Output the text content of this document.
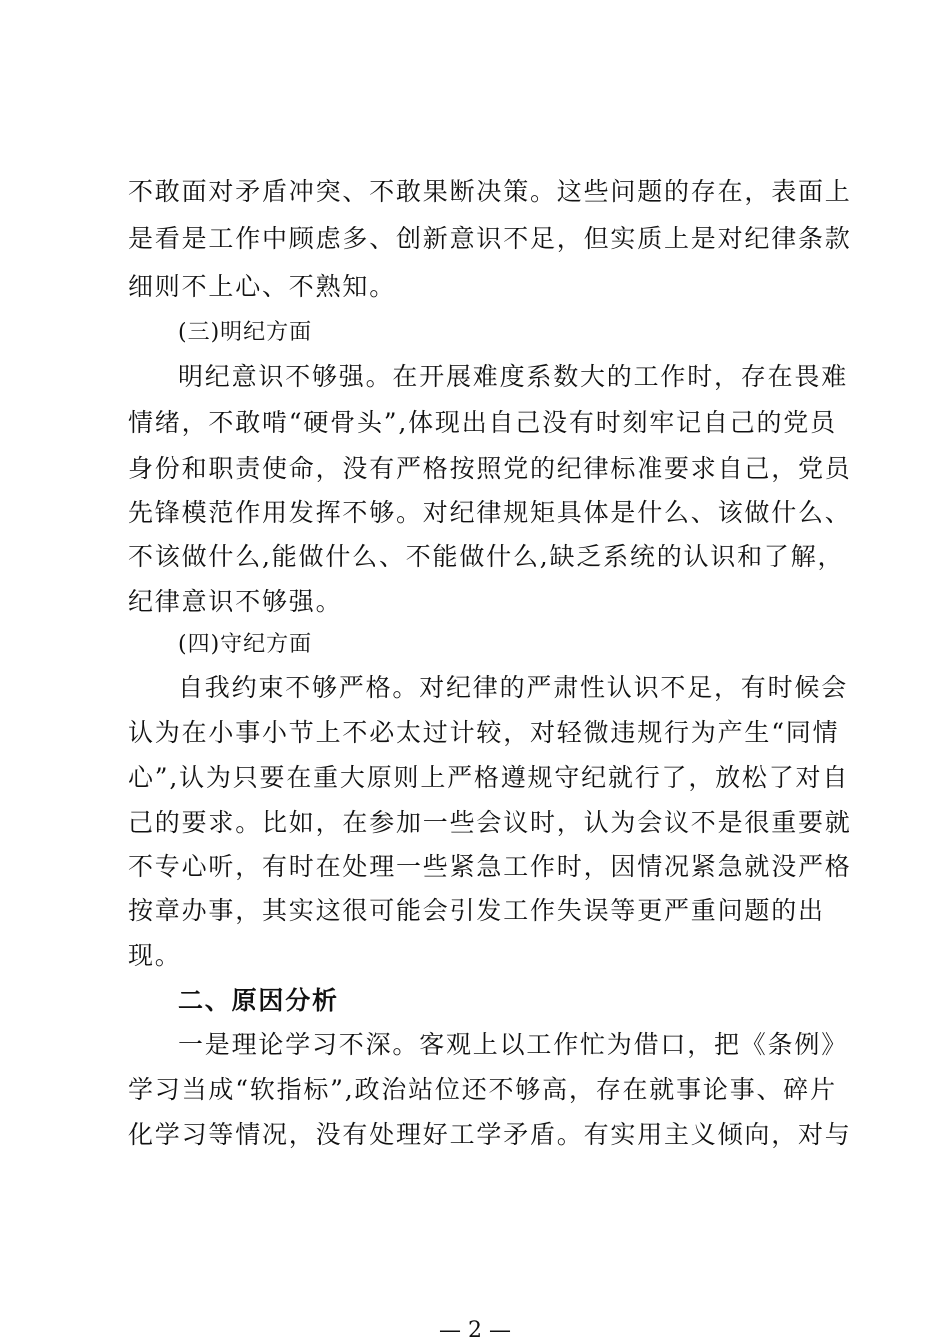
不敢面对矛盾冲突、不敢果断决策。这些问题的存在，表面上
是看是工作中顾虑多、创新意识不足，但实质上是对纪律条款
细则不上心、不熟知。
(三)明纪方面
明纪意识不够强。在开展难度系数大的工作时，存在畏难
情绪，不敢啃“硬骨头”,体现出自己没有时刻牢记自己的党员
身份和职责使命，没有严格按照党的纪律标准要求自己，党员
先锋模范作用发挥不够。对纪律规矩具体是什么、该做什么、
不该做什么,能做什么、不能做什么,缺乏系统的认识和了解，
纪律意识不够强。
(四)守纪方面
自我约束不够严格。对纪律的严肃性认识不足，有时候会
认为在小事小节上不必太过计较，对轻微违规行为产生“同情
心”,认为只要在重大原则上严格遵规守纪就行了，放松了对自
己的要求。比如，在参加一些会议时，认为会议不是很重要就
不专心听，有时在处理一些紧急工作时，因情况紧急就没严格
按章办事，其实这很可能会引发工作失误等更严重问题的出
现。
二、原因分析
一是理论学习不深。客观上以工作忙为借口，把《条例》
学习当成“软指标”,政治站位还不够高，存在就事论事、碎片
化学习等情况，没有处理好工学矛盾。有实用主义倾向，对与
— 2 —
